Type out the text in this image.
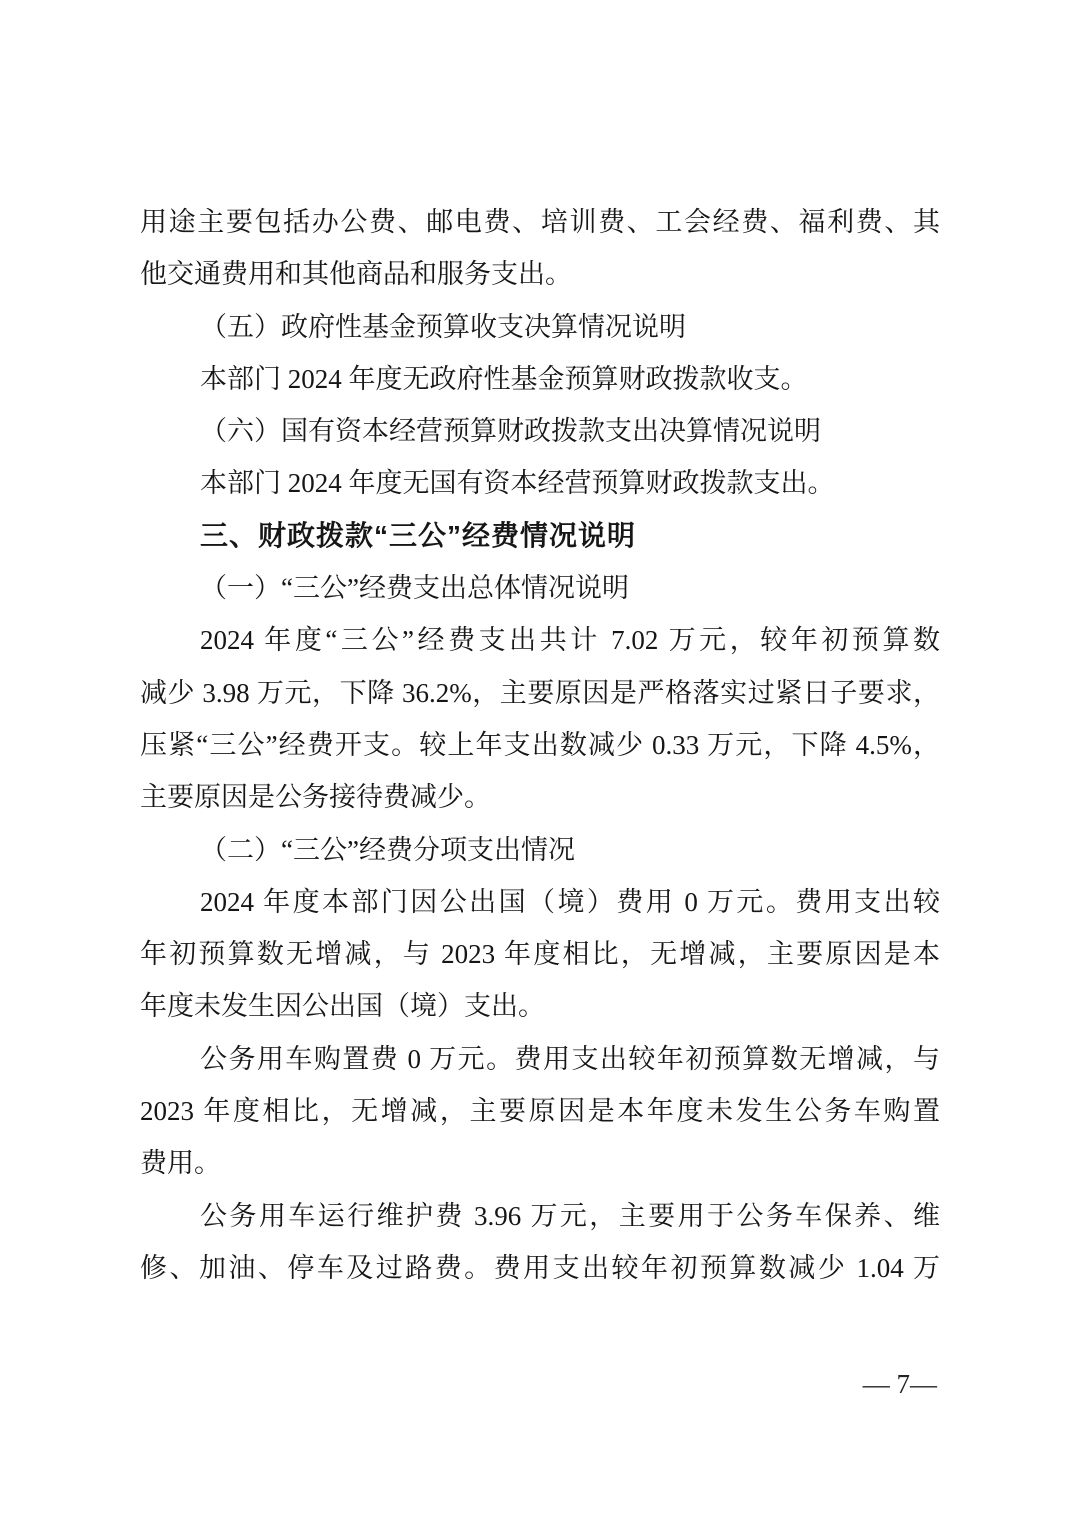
用途主要包括办公费、邮电费、培训费、工会经费、福利费、其
他交通费用和其他商品和服务支出。
（五）政府性基金预算收支决算情况说明
本部门 2024 年度无政府性基金预算财政拨款收支。
（六）国有资本经营预算财政拨款支出决算情况说明
本部门 2024 年度无国有资本经营预算财政拨款支出。
三、财政拨款“三公”经费情况说明
（一）“三公”经费支出总体情况说明
2024 年度“三公”经费支出共计 7.02 万元，较年初预算数
减少 3.98 万元，下降 36.2%，主要原因是严格落实过紧日子要求，
压紧“三公”经费开支。较上年支出数减少 0.33 万元，下降 4.5%，
主要原因是公务接待费减少。
（二）“三公”经费分项支出情况
2024 年度本部门因公出国（境）费用 0 万元。费用支出较
年初预算数无增减，与 2023 年度相比，无增减，主要原因是本
年度未发生因公出国（境）支出。
公务用车购置费 0 万元。费用支出较年初预算数无增减，与
2023 年度相比，无增减，主要原因是本年度未发生公务车购置
费用。
公务用车运行维护费 3.96 万元，主要用于公务车保养、维
修、加油、停车及过路费。费用支出较年初预算数减少 1.04 万
— 7—
